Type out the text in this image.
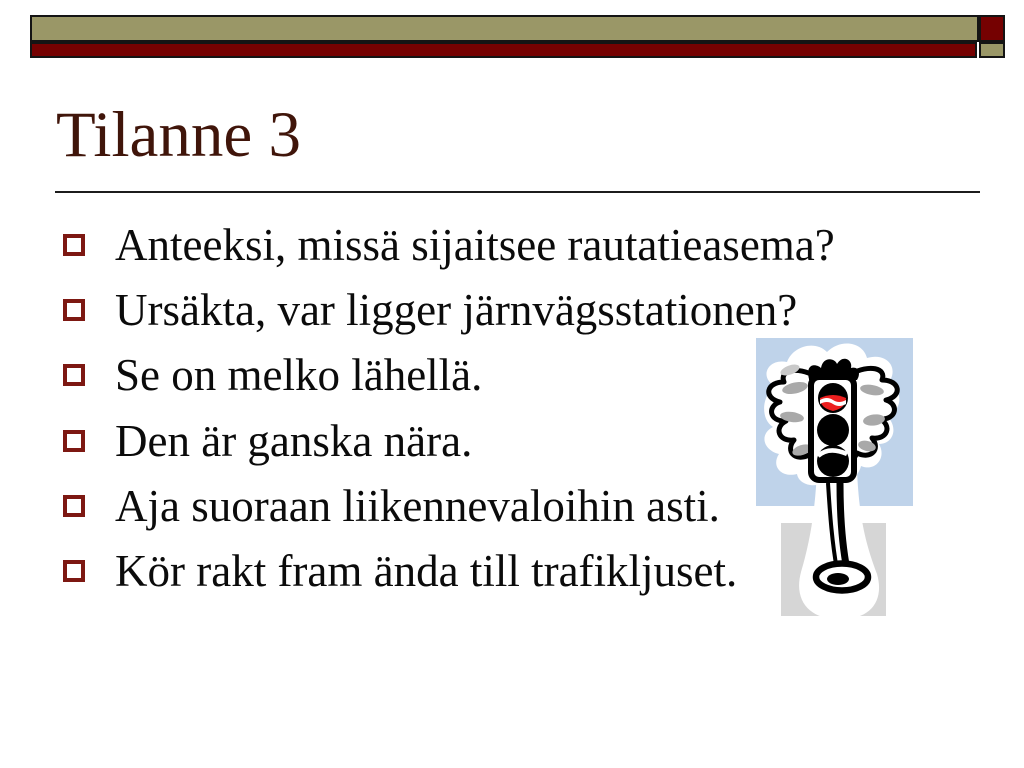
Tilanne 3
Anteeksi, missä sijaitsee rautatieasema?
Ursäkta, var ligger järnvägsstationen?
Se on melko lähellä.
Den är ganska nära.
Aja suoraan liikennevaloihin asti.
Kör rakt fram ända till trafikljuset.
